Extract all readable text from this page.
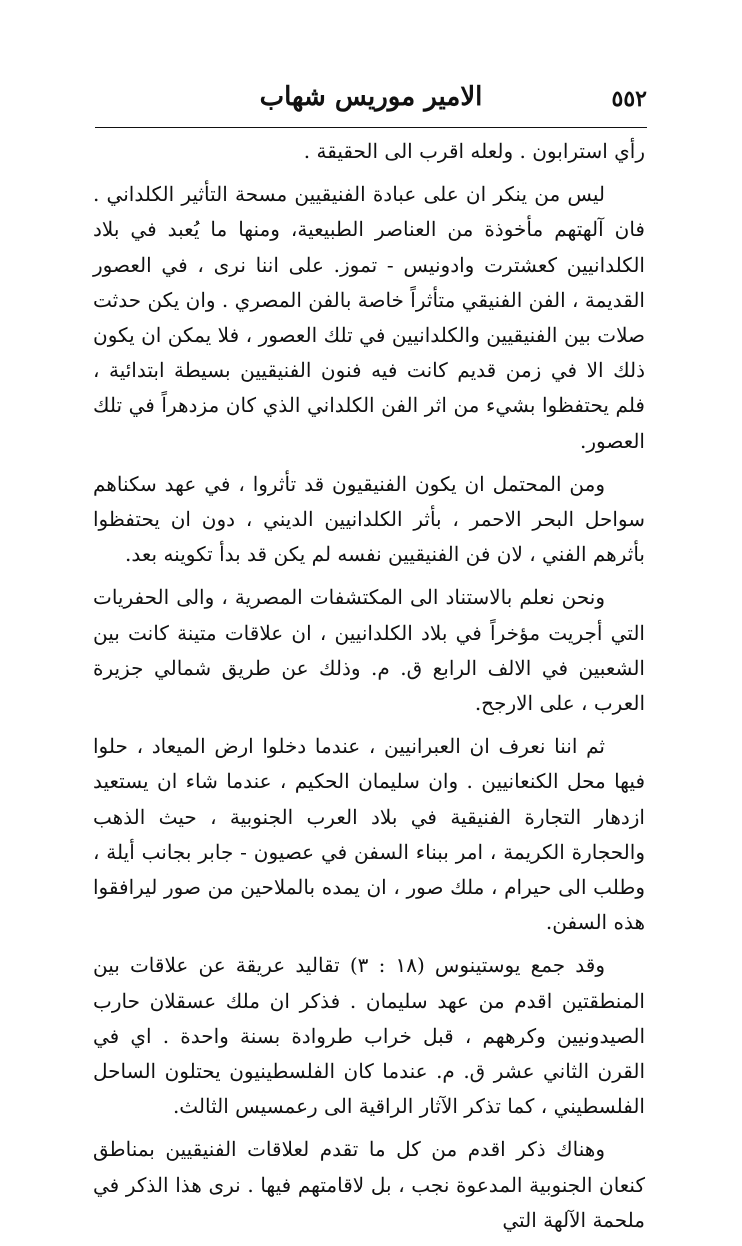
٥٥٢
الامير موريس شهاب

رأي استرابون . ولعله اقرب الى الحقيقة .

ليس من ينكر ان على عبادة الفنيقيين مسحة التأثير الكلداني . فان آلهتهم مأخوذة من العناصر الطبيعية، ومنها ما يُعبد في بلاد الكلدانيين كعشترت وادونيس - تموز. على اننا نرى ، في العصور القديمة ، الفن الفنيقي متأثراً خاصة بالفن المصري . وان يكن حدثت صلات بين الفنيقيين والكلدانيين في تلك العصور ، فلا يمكن ان يكون ذلك الا في زمن قديم كانت فيه فنون الفنيقيين بسيطة ابتدائية ، فلم يحتفظوا بشيء من اثر الفن الكلداني الذي كان مزدهراً في تلك العصور.

ومن المحتمل ان يكون الفنيقيون قد تأثروا ، في عهد سكناهم سواحل البحر الاحمر ، بأثر الكلدانيين الديني ، دون ان يحتفظوا بأثرهم الفني ، لان فن الفنيقيين نفسه لم يكن قد بدأ تكوينه بعد.

ونحن نعلم بالاستناد الى المكتشفات المصرية ، والى الحفريات التي أجريت مؤخراً في بلاد الكلدانيين ، ان علاقات متينة كانت بين الشعبين في الالف الرابع ق. م. وذلك عن طريق شمالي جزيرة العرب ، على الارجح.

ثم اننا نعرف ان العبرانيين ، عندما دخلوا ارض الميعاد ، حلوا فيها محل الكنعانيين . وان سليمان الحكيم ، عندما شاء ان يستعيد ازدهار التجارة الفنيقية في بلاد العرب الجنوبية ، حيث الذهب والحجارة الكريمة ، امر ببناء السفن في عصيون - جابر بجانب أيلة ، وطلب الى حيرام ، ملك صور ، ان يمده بالملاحين من صور ليرافقوا هذه السفن.

وقد جمع يوستينوس (١٨ : ٣) تقاليد عريقة عن علاقات بين المنطقتين اقدم من عهد سليمان . فذكر ان ملك عسقلان حارب الصيدونيين وكرههم ، قبل خراب طروادة بسنة واحدة . اي في القرن الثاني عشر ق. م. عندما كان الفلسطينيون يحتلون الساحل الفلسطيني ، كما تذكر الآثار الراقية الى رعمسيس الثالث.

وهناك ذكر اقدم من كل ما تقدم لعلاقات الفنيقيين بمناطق كنعان الجنوبية المدعوة نجب ، بل لاقامتهم فيها . نرى هذا الذكر في ملحمة الآلهة التي
